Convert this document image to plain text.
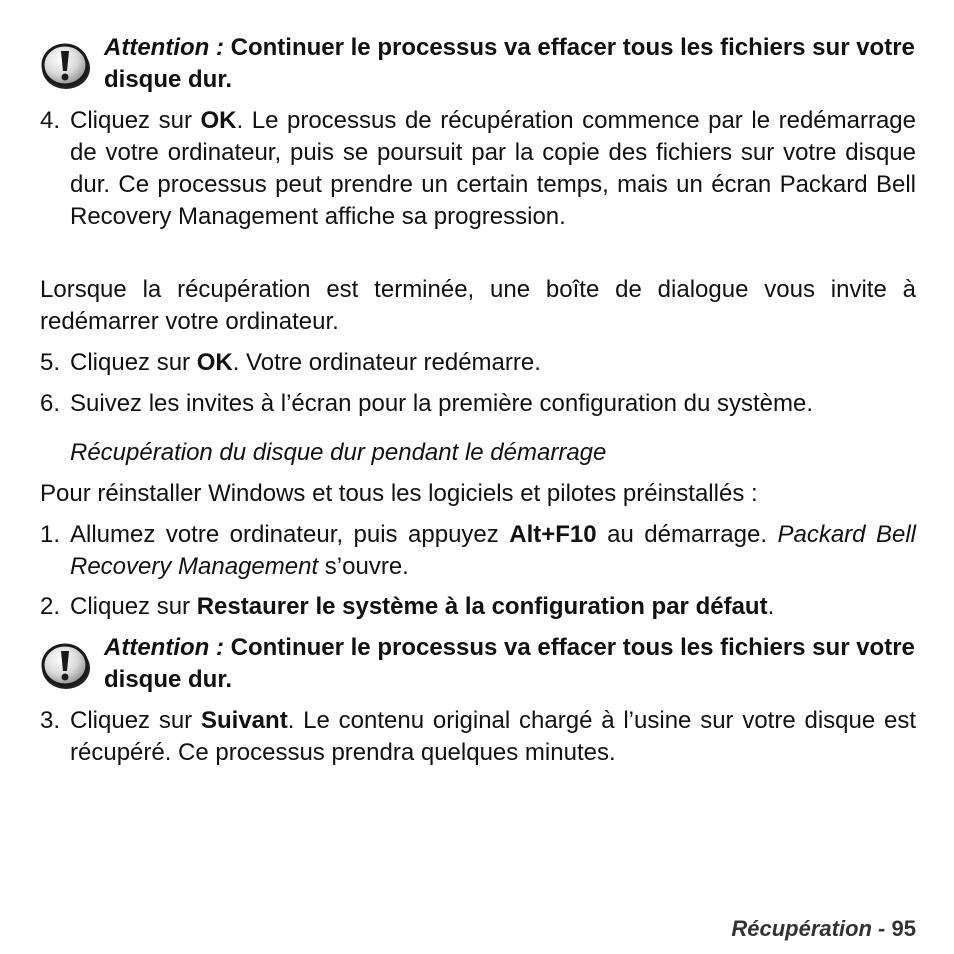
Attention : Continuer le processus va effacer tous les fichiers sur votre disque dur.
4. Cliquez sur OK. Le processus de récupération commence par le redémarrage de votre ordinateur, puis se poursuit par la copie des fichiers sur votre disque dur. Ce processus peut prendre un certain temps, mais un écran Packard Bell Recovery Management affiche sa progression.
Lorsque la récupération est terminée, une boîte de dialogue vous invite à redémarrer votre ordinateur.
5. Cliquez sur OK. Votre ordinateur redémarre.
6. Suivez les invites à l’écran pour la première configuration du système.
Récupération du disque dur pendant le démarrage
Pour réinstaller Windows et tous les logiciels et pilotes préinstallés :
1. Allumez votre ordinateur, puis appuyez Alt+F10 au démarrage. Packard Bell Recovery Management s’ouvre.
2. Cliquez sur Restaurer le système à la configuration par défaut.
Attention : Continuer le processus va effacer tous les fichiers sur votre disque dur.
3. Cliquez sur Suivant. Le contenu original chargé à l’usine sur votre disque est récupéré. Ce processus prendra quelques minutes.
Récupération - 95
